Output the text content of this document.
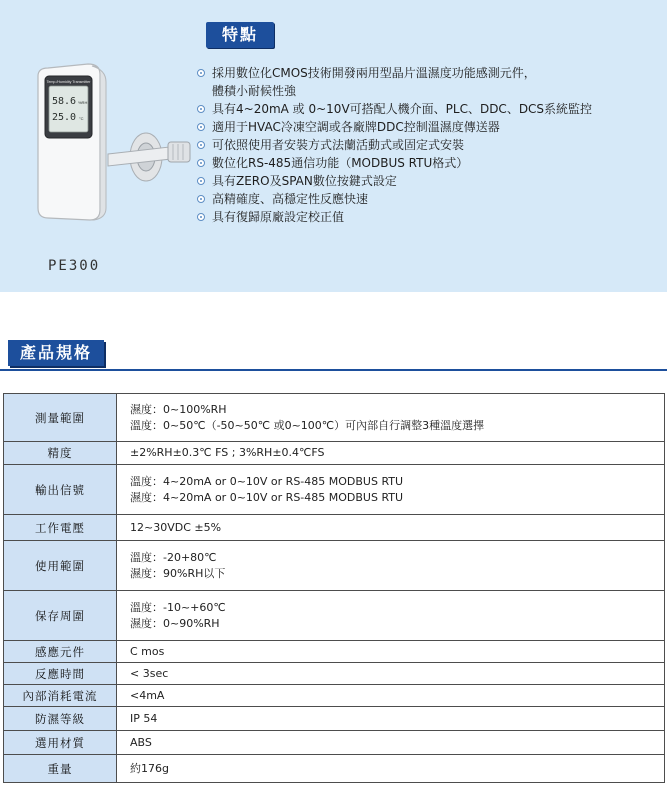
Temp./Humidity Transmitter
58.6 %RH
25.0 °C
PE300
特點
採用數位化CMOS技術開發兩用型晶片溫濕度功能感測元件，
體積小耐候性強
具有4~20mA 或 0~10V可搭配人機介面、PLC、DDC、DCS系統監控
適用于HVAC冷凍空調或各廠牌DDC控制溫濕度傳送器
可依照使用者安裝方式法蘭活動式或固定式安裝
數位化RS-485通信功能（MODBUS RTU格式）
具有ZERO及SPAN數位按鍵式設定
高精確度、高穩定性反應快速
具有復歸原廠設定校正值
產品規格
測量範圍	濕度：0~100%RH
溫度：0~50℃（-50~50℃ 或0~100℃）可內部自行調整3種溫度選擇

精度	±2%RH±0.3℃ FS ; 3%RH±0.4℃FS

輸出信號	溫度：4~20mA or 0~10V or RS-485 MODBUS RTU
濕度：4~20mA or 0~10V or RS-485 MODBUS RTU

工作電壓	12~30VDC ±5%

使用範圍	溫度：-20+80℃
濕度：90%RH以下

保存周圍	溫度：-10~+60℃
濕度：0~90%RH

感應元件	C mos

反應時間	< 3sec

內部消耗電流	<4mA

防濕等級	IP 54

選用材質	ABS

重量	約176g
